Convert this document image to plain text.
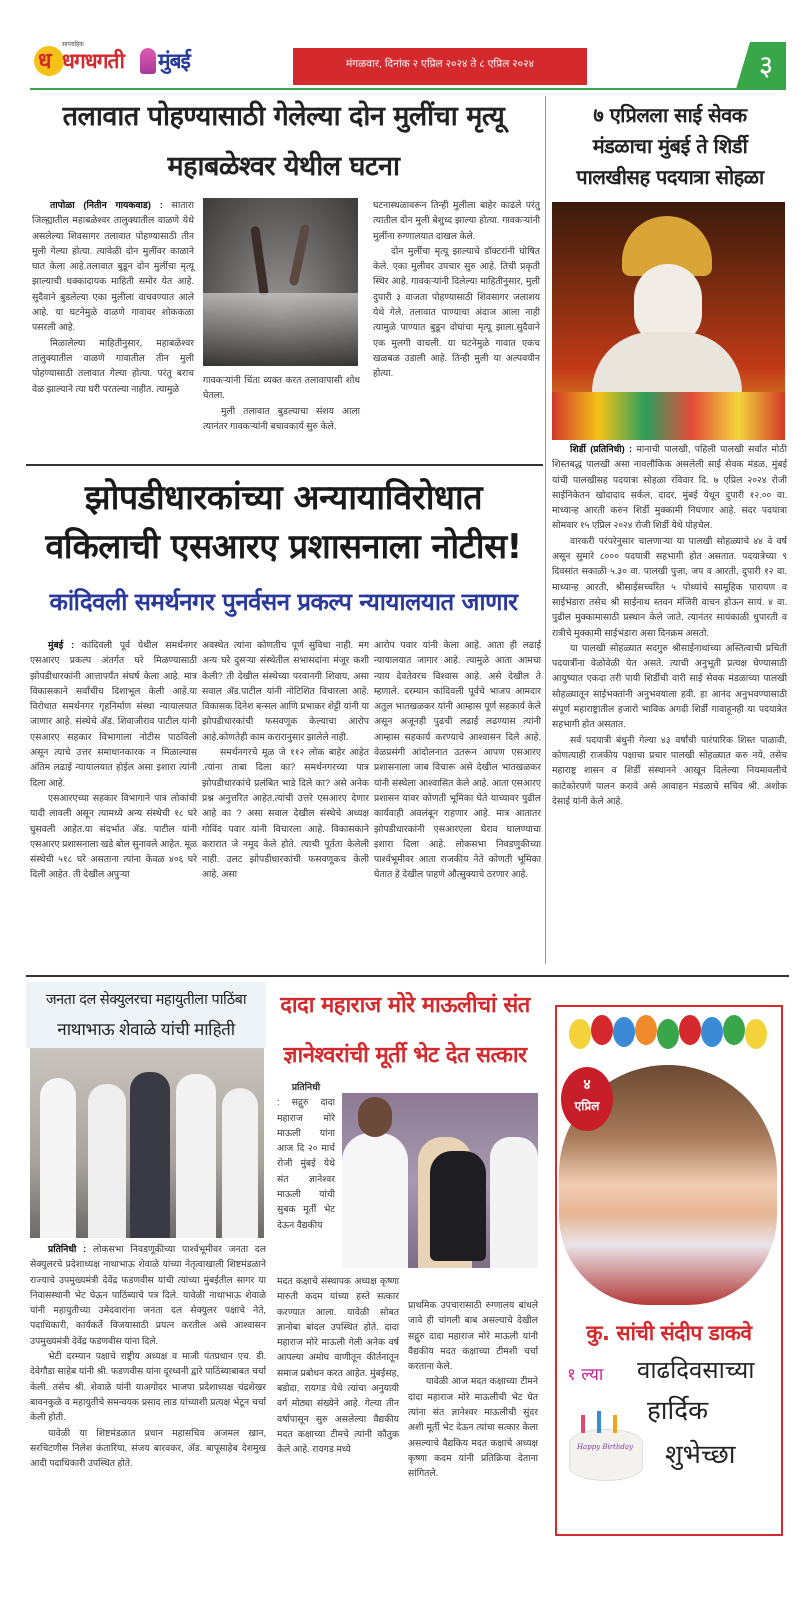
साप्ताहिक
ध धगधगती मुंबई	मंगळवार, दिनांक २ एप्रिल २०२४ ते ८ एप्रिल २०२४	३
तलावात पोहण्यासाठी गेलेल्या दोन मुलींचा मृत्यू
महाबळेश्वर येथील घटना

तापोळा (नितीन गायकवाड) : सातारा जिल्ह्यातील महाबळेश्वर तालुक्यातील वाळणे येथे असलेल्या शिवसागर तलावात पोहण्यासाठी तीन मुली गेल्या होत्या. त्यावेळी दोन मुलींवर काळाने घात केला आहे.तलावात बुडून दोन मुलींचा मृत्यू झाल्याची धक्कादायक माहिती समोर येत आहे. सुदैवाने बुडलेल्या एका मुलीला वाचवण्यात आले आहे. या घटनेमुळे वाळणे गावावर शोककळा पसरली आहे.

मिळालेल्या माहितीनुसार, महाबळेश्वर तालुक्यातील वाळणे गावातील तीन मुली पोहण्यासाठी तलावात गेल्या होत्या. परंतु बराच वेळ झाल्याने त्या घरी परतल्या नाहीत. त्यामुळे

गावकऱ्यांनी चिंता व्यक्त करत तलावापासी शोध घेतला.

मुली तलावात बुडल्याचा संशय आला त्यानंतर गावकऱ्यांनी बचावकार्य सुरु केले.

घटनास्थळावरून तिन्ही मुलीला बाहेर काढले परंतु त्यातील दोन मुली बेशुध्द झाल्या होत्या. गावकऱ्यांनी मुलींना रुग्णालयात दाखल केले.

दोन मुलींचा मृत्यू झाल्याचे डॉक्टरांनी घोषित केले. एका मुलीवर उपचार सुरु आहे. तिची प्रकृती स्थिर आहे. गावकऱ्यांनी दिलेल्या माहितीनुसार, मुली दुपारी ३ वाजता पोहण्यासाठी शिवसागर जलाशय येथे गेले. तलावात पाण्याचा अंदाज आला नाही त्यामुळे पाण्यात बुडून दोघांचा मृत्यू झाला.सुदैवाने एक मुलगी वाचली. या घटनेमुळे गावात एकच खळबळ उडाली आहे. तिन्ही मुली या अल्पवयीन होत्या.

७ एप्रिलला साई सेवक
मंडळाचा मुंबई ते शिर्डी
पालखीसह पदयात्रा सोहळा

शिर्डी (प्रतिनिधी) : मानाची पालखी, पहिली पालखी सर्वात मोठी शिस्तबद्ध पालखी असा नावलौकिक असलेली साई सेवक मंडळ, मुंबई यांची पालखीसह पदयात्रा सोहळा रविवार दि. ७ एप्रिल २०२४ रोजी साईनिकेतन खोदादाद सर्कल, दादर, मुंबई येथून दुपारी १२.०० वा. माध्यान्ह आरती करुन शिर्डी मुक्कामी निघणार आहे. सदर पदयात्रा सोमवार १५ एप्रिल २०२४ रोजी शिर्डी येथे पोहचेल.

वारकरी परंपरेनुसार चालणाऱ्या या पालखी सोहळ्याचे ४४ वे वर्ष असून सुमारे ८००० पदयात्री सहभागी होत असतात. पदयात्रेच्या ९ दिवसांत सकाळी ५.३० वा. पालखी पुजा, जप व आरती, दुपारी १२ वा. माध्यान्ह आरती, श्रीसाईसच्चरित ५ पोथ्यांचे सामूहिक पारायण व साईभंडारा तसेच श्री साईनाथ स्तवन मंजिरी वाचन होऊन सायं. ४ वा. पुढील मुक्कामासाठी प्रस्थान केले जाते. त्यानंतर सायंकाळी धुपारती व रात्रीचे मुक्कामी साईभंडारा असा दिनक्रम असतो.

या पालखी सोहळ्यात सदगुरु श्रीसाईनाथांच्या अस्तित्वाची प्रचिती पदयात्रींना वेळोवेळी येत असते. त्याची अनुभूती प्रत्यक्ष घेण्यासाठी आयुष्यात एकदा तरी पायी शिर्डीची वारी साई सेवक मंडळाच्या पालखी सोहळ्यातून साईभक्तांनी अनुभवयाला हवी. हा आनंद अनुभवण्यासाठी संपूर्ण महाराष्ट्रातील हजारो भाविक अगदी शिर्डी गावाहूनही या पदयात्रेत सहभागी होत असतात.

सर्व पदयात्री बंधुनी गेल्या ४३ वर्षांची पारंपारिक शिस्त पाळावी, कोणत्याही राजकीय पक्षाचा प्रचार पालखी सोहळ्यात करु नये, तसेच महाराष्ट्र शासन व शिर्डी संस्थानने आखून दिलेल्या नियमावलीचे काटेकोरपणे पालन करावे असे आवाहन मंडळाचे सचिव श्री. अशोक देसाई यांनी केले आहे.

झोपडीधारकांच्या अन्यायाविरोधात
वकिलाची एसआरए प्रशासनाला नोटीस!
कांदिवली समर्थनगर पुनर्वसन प्रकल्प न्यायालयात जाणार

मुंबई : कांदिवली पूर्व येथील समर्थनगर एसआरए प्रकल्प अंतर्गत घरे मिळण्यासाठी झोपडीधारकांनी आत्तापर्यंत संघर्ष केला आहे. मात्र विकासकाने सर्वांचीच दिशाभूल केली आहे.या विरोधात समर्थनगर गृहनिर्माण संस्था न्यायालयात जाणार आहे. संस्थेचे ॲड. शिवाजीराव पाटील यांनी एसआरए सहकार विभागाला नोटीस पाठविली असून त्याचे उत्तर समाधानकारक न मिळाल्यास अंतिम लढाई न्यायालयात होईल असा इशारा त्यांनी दिला आहे.

एसआरएच्या सहकार विभागाने पात्र लोकांची यादी लावली असून त्यामध्ये अन्य संस्थेची १८ घरे घुसवली आहेत.या संदर्भात ॲड. पाटील यांनी एसआरए प्रशासनाला खडे बोल सुनावले आहेत. मूळ संस्थेची ५१८ घरे असताना त्यांना केवळ ४०६ घरे दिली आहेत. ती देखील अपुऱ्या

अवस्थेत त्यांना कोणतीच पूर्ण सुविधा नाही. मग अन्य घरे दुसऱ्या संस्थेतील सभासदांना मंजूर कशी केली? ती देखील संस्थेच्या परवानगी शिवाय, असा सवाल ॲड.पाटील यांनी नोटिशित विचारला आहे. विकासक दिनेश बन्सल आणि प्रभाकर शेट्टी यांनी या झोपडीधारकांची फसवणूक केल्याचा आरोप आहे.कोणतेही काम करारानुसार झालेले नाही.

समर्थनगरचे मूळ जे ११२ लोक बाहेर आहेत .त्यांना ताबा दिला का? समर्थनगरच्या पात्र झोपडीधारकांचे प्रलंबित भाडे दिले का? असे अनेक प्रश्न अनुत्तरित आहेत.त्यांची उत्तरे एसआरए देणार आहे का ? असा सवाल देखील संस्थेचे अध्यक्ष गोविंद पवार यांनी विचारला आहे. विकासकाने करारात जे नमूद केले होते. त्याची पूर्तता केलेली नाही. उलट झोपडीधारकांची फसवणूकच केली आहे. असा

आरोप पवार यांनी केला आहे. आता ही लढाई न्यायालयात जागार आहे. त्यामुळे आता आमचा न्याय देवतेवरच विश्वास आहे. असे देखील ते म्हणाले. दरम्यान कांदिवली पूर्वचे भाजप आमदार अतुल भातखळकर यांनी आम्हास पूर्ण सहकार्य केले असून अजूनही पुढची लढाई लढण्यास त्यांनी आम्हास सहकार्य करण्याचे आश्वासन दिले आहे. वेळप्रसंगी आंदोलनात उतरून आपण एसआरए प्रशासनाला जाब विचारू असे देखील भातखळकर यांनी संस्थेला आश्वासित केले आहे. आता एसआरए प्रशासन यावर कोणती भूमिका घेते याच्यावर पुढील कार्यवाही अवलंबून राहणार आहे. मात्र आतातर झोपडीधारकांनी एसआरएला घेराव घालण्याचा इशारा दिला आहे. लोकसभा निवडणुकीच्या पार्श्वभूमीवर आता राजकीय नेते कोणती भूमिका घेतात हे देखील पाहणे औत्सुक्याचे ठरणार आहे.

जनता दल सेक्युलरचा महायुतीला पाठिंबा
नाथाभाऊ शेवाळे यांची माहिती

प्रतिनिधी : लोकसभा निवडणूकीच्या पार्श्वभूमीवर जनता दल सेक्युलरचे प्रदेशाध्यक्ष नाथाभाऊ शेवाळे यांच्या नेतृत्वाखाली शिष्टमंडळाने राज्याचे उपमुख्यमंत्री देवेंद्र फडणवीस यांची त्यांच्या मुंबईतील सागर या निवासस्थानी भेट घेऊन पाठिंब्याचे पत्र दिले. यावेळी नाथाभाऊ शेवाळे यांनी महायुतीच्या उमेदवारांना जनता दल सेक्युलर पक्षाचे नेते, पदाधिकारी, कार्यकर्ते विजयासाठी प्रयत्न करतील असे आश्वासन उपमुख्यमंत्री देवेंद्र फडणवीस यांना दिले.

भेटी दरम्यान पक्षाचे राष्ट्रीय अध्यक्ष व माजी पंतप्रधान एच. डी. देवेगौडा साहेब यांनी श्री. फडणवीस यांना दूरध्वनी द्वारे पाठिंब्याबाबत चर्चा केली. तसेच श्री. शेवाळे यांनी याअगोदर भाजपा प्रदेशाध्यक्ष चंद्रशेखर बावनकुळे व महायुतीचे समन्वयक प्रसाद लाड यांच्याशी प्रत्यक्ष भेटून चर्चा केली होती.

यावेळी या शिष्टमंडळात प्रधान महासचिव अजमल खान, सरचिटणीस निलेश कंतारिया, संजय बारवकर, ॲड. बापूसाहेब देशमुख आदी पदाधिकारी उपस्थित होते.

दादा महाराज मोरे माऊलीचां संत
ज्ञानेश्वरांची मूर्ती भेट देत सत्कार
प्रतिनिधी

: सद्गुरु दादा महाराज मोरे माऊली यांना आज दि २० मार्च रोजी मुंबई येथे संत ज्ञानेश्वर माऊली यांची सुबक मूर्ती भेट देऊन वैद्यकीय

मदत कक्षाचे संस्थापक अध्यक्ष कृष्णा मारुती कदम यांच्या हस्ते सत्कार करण्यात आला. यावेळी सोबत ज्ञानोबा बांदल उपस्थित होते. दादा महाराज मोरे माऊली गेली अनेक वर्ष आपल्या अमोघ वाणीतून कीर्तनातून समाज प्रबोधन करत आहेत. मुंबईसह, बडोदा, रायगड येथे त्यांचा अनुयायी वर्ग मोठ्या संख्येने आहे. गेल्या तीन वर्षापासून सुरु असलेल्या वैद्यकीय मदत कक्षाच्या टीमचे त्यांनी कौतुक केले आहे. रायगड मध्ये

प्राथमिक उपचारासाठी रुग्णालय बांधले जावे ही चांगली बाब असल्याचे देखील सद्गुरु दादा महाराज मोरे माऊली यांनी वैद्यकीय मदत कक्षाच्या टीमशी चर्चा करताना केले.

यावेळी आज मदत कक्षाच्या टीमने दादा महाराज मोरे माऊलीची भेट घेत त्यांना संत ज्ञानेश्वर माऊलीची सुंदर अशी मूर्ती भेट देऊन त्यांचा सत्कार केला असल्याचे वैद्यकिय मदत कक्षाचे अध्यक्ष कृष्णा कदम यांनी प्रतिक्रिया देताना सांगितले.

४
एप्रिल
कु. सांची संदीप डाकवे
१ ल्या वाढदिवसाच्या
हार्दिक
शुभेच्छा
Happy Birthday
